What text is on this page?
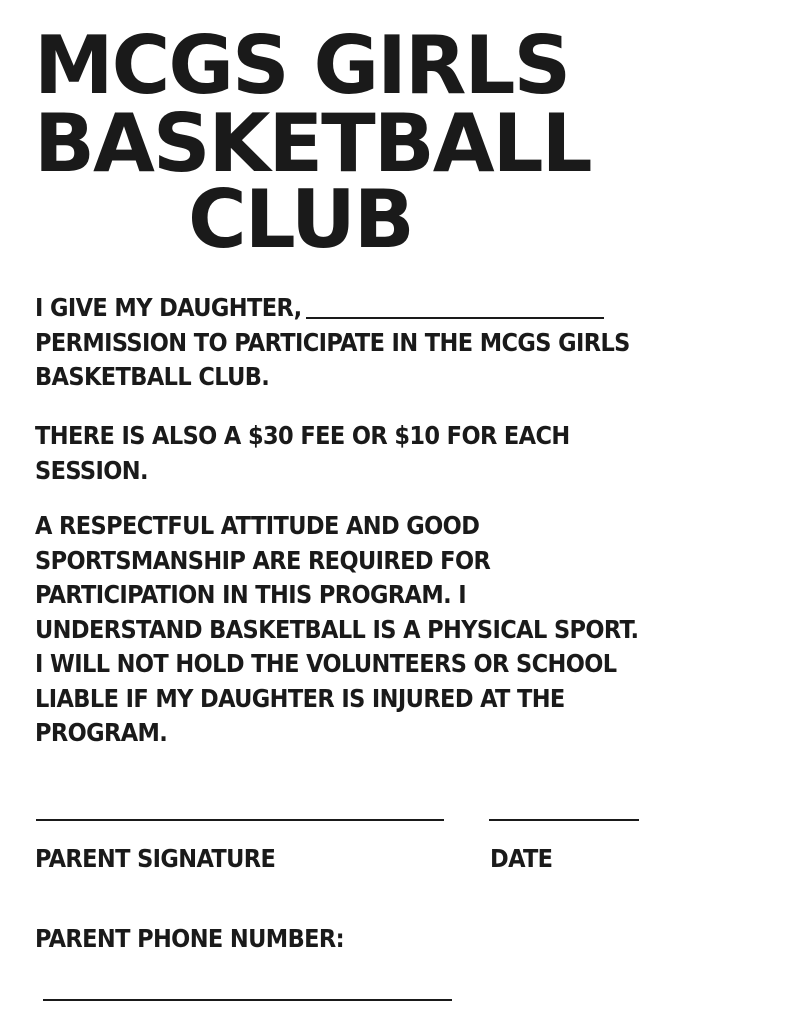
MCGS GIRLS
BASKETBALL
CLUB

I GIVE MY DAUGHTER,
PERMISSION TO PARTICIPATE IN THE MCGS GIRLS
BASKETBALL CLUB.

THERE IS ALSO A $30 FEE OR $10 FOR EACH
SESSION.

A RESPECTFUL ATTITUDE AND GOOD
SPORTSMANSHIP ARE REQUIRED FOR
PARTICIPATION IN THIS PROGRAM. I
UNDERSTAND BASKETBALL IS A PHYSICAL SPORT.
I WILL NOT HOLD THE VOLUNTEERS OR SCHOOL
LIABLE IF MY DAUGHTER IS INJURED AT THE
PROGRAM.

PARENT SIGNATURE	DATE
PARENT PHONE NUMBER:
